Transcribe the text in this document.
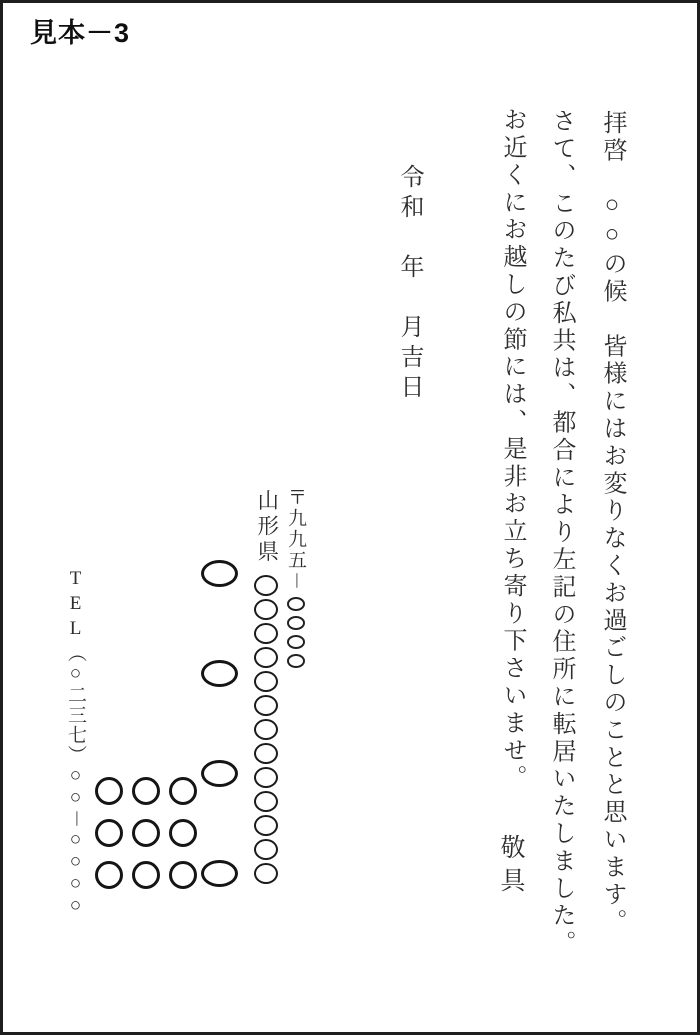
見本－3
拝啓　○○の候　皆様にはお変りなくお過ごしのことと思います。
さて、このたび私共は、都合により左記の住所に転居いたしました。
お近くにお越しの節には、是非お立ち寄り下さいませ。
敬具
令和　年　月吉日
〒九九五－
山形県
TEL（○二三七）○○－○○○○
